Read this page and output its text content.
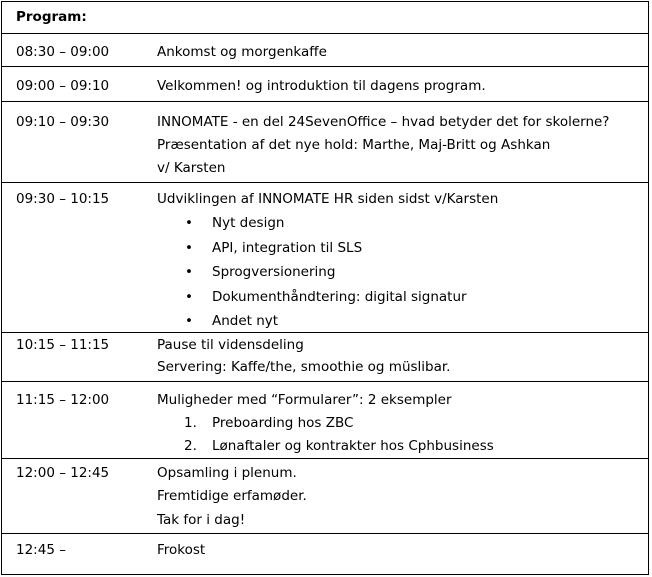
Program:
08:30 – 09:00	Ankomst og morgenkaffe
09:00 – 09:10	Velkommen! og introduktion til dagens program.
09:10 – 09:30	INNOMATE - en del 24SevenOffice – hvad betyder det for skolerne?
Præsentation af det nye hold: Marthe, Maj-Britt og Ashkan
v/ Karsten
09:30 – 10:15	Udviklingen af INNOMATE HR siden sidst v/Karsten
• Nyt design
• API, integration til SLS
• Sprogversionering
• Dokumenthåndtering: digital signatur
• Andet nyt
10:15 – 11:15	Pause til vidensdeling
Servering: Kaffe/the, smoothie og müslibar.
11:15 – 12:00	Muligheder med “Formularer”: 2 eksempler
1. Preboarding hos ZBC
2. Lønaftaler og kontrakter hos Cphbusiness
12:00 – 12:45	Opsamling i plenum.
Fremtidige erfamøder.
Tak for i dag!
12:45 –	Frokost
